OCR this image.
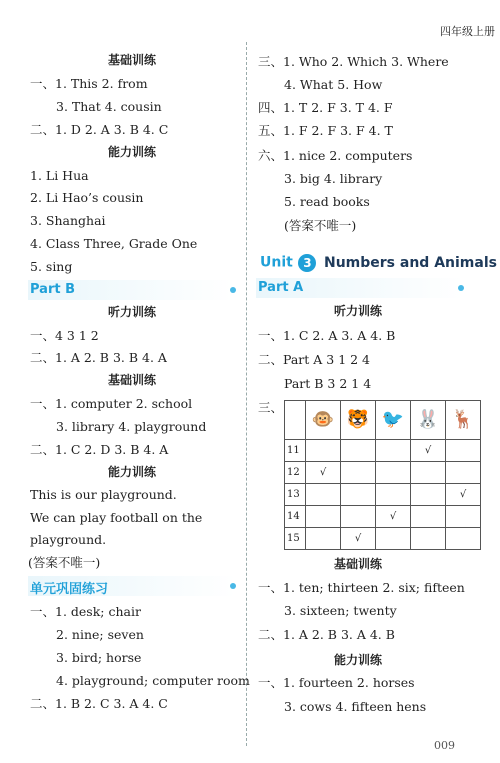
四年级上册
基础训练
一、1. This 2. from
3. That 4. cousin
二、1. D 2. A 3. B 4. C
能力训练
1. Li Hua
2. Li Hao’s cousin
3. Shanghai
4. Class Three, Grade One
5. sing
Part B
听力训练
一、4 3 1 2
二、1. A 2. B 3. B 4. A
基础训练
一、1. computer 2. school
3. library 4. playground
二、1. C 2. D 3. B 4. A
能力训练
This is our playground.
We can play football on the
playground.
(答案不唯一)
单元巩固练习
一、1. desk; chair
2. nine; seven
3. bird; horse
4. playground; computer room
二、1. B 2. C 3. A 4. C
三、1. Who 2. Which 3. Where
4. What 5. How
四、1. T 2. F 3. T 4. F
五、1. F 2. F 3. F 4. T
六、1. nice 2. computers
3. big 4. library
5. read books
(答案不唯一)
Unit 3 Numbers and Animals
Part A
听力训练
一、1. C 2. A 3. A 4. B
二、Part A 3 1 2 4
Part B 3 2 1 4
三、
	🐵	🐯	🐦	🐰	🦌
11				√	
12	√				
13					√
14			√		
15		√			
基础训练
一、1. ten; thirteen 2. six; fifteen
3. sixteen; twenty
二、1. A 2. B 3. A 4. B
能力训练
一、1. fourteen 2. horses
3. cows 4. fifteen hens
009
